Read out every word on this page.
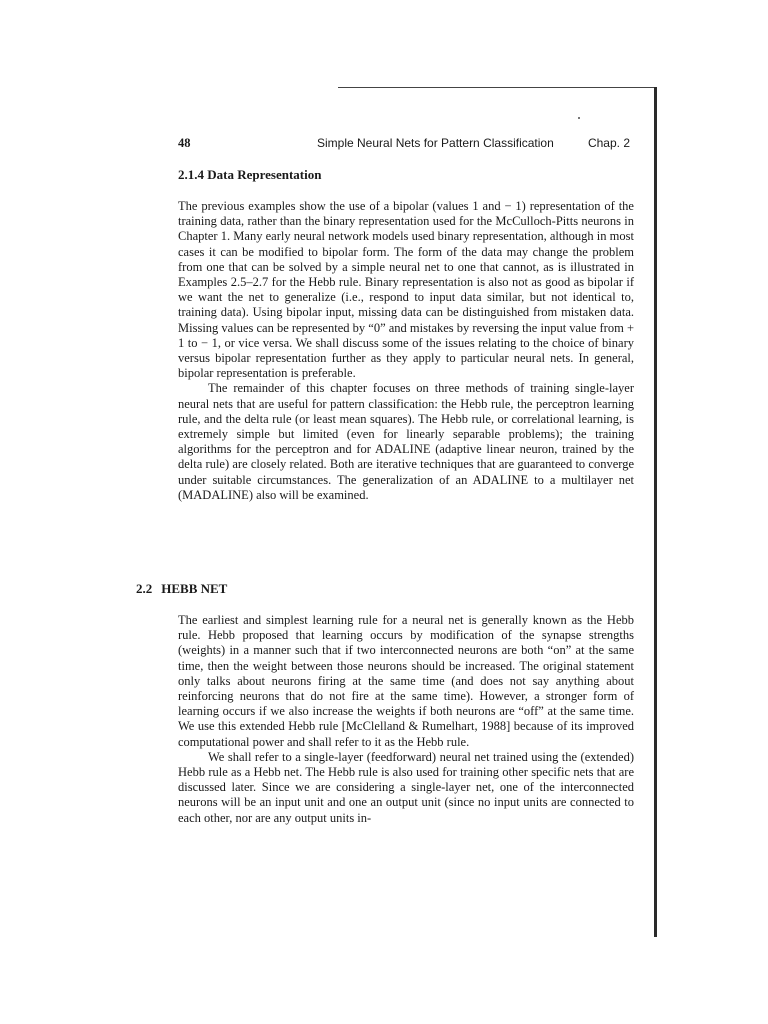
48	Simple Neural Nets for Pattern Classification	Chap. 2
2.1.4 Data Representation

The previous examples show the use of a bipolar (values 1 and − 1) representation of the training data, rather than the binary representation used for the McCulloch-Pitts neurons in Chapter 1. Many early neural network models used binary representation, although in most cases it can be modified to bipolar form. The form of the data may change the problem from one that can be solved by a simple neural net to one that cannot, as is illustrated in Examples 2.5–2.7 for the Hebb rule. Binary representation is also not as good as bipolar if we want the net to generalize (i.e., respond to input data similar, but not identical to, training data). Using bipolar input, missing data can be distinguished from mistaken data. Missing values can be represented by “0” and mistakes by reversing the input value from + 1 to − 1, or vice versa. We shall discuss some of the issues relating to the choice of binary versus bipolar representation further as they apply to particular neural nets. In general, bipolar representation is preferable.

The remainder of this chapter focuses on three methods of training single-layer neural nets that are useful for pattern classification: the Hebb rule, the perceptron learning rule, and the delta rule (or least mean squares). The Hebb rule, or correlational learning, is extremely simple but limited (even for linearly separable problems); the training algorithms for the perceptron and for ADALINE (adaptive linear neuron, trained by the delta rule) are closely related. Both are iterative techniques that are guaranteed to converge under suitable circumstances. The generalization of an ADALINE to a multilayer net (MADALINE) also will be examined.

2.2 HEBB NET

The earliest and simplest learning rule for a neural net is generally known as the Hebb rule. Hebb proposed that learning occurs by modification of the synapse strengths (weights) in a manner such that if two interconnected neurons are both “on” at the same time, then the weight between those neurons should be increased. The original statement only talks about neurons firing at the same time (and does not say anything about reinforcing neurons that do not fire at the same time). However, a stronger form of learning occurs if we also increase the weights if both neurons are “off” at the same time. We use this extended Hebb rule [McClelland & Rumelhart, 1988] because of its improved computational power and shall refer to it as the Hebb rule.

We shall refer to a single-layer (feedforward) neural net trained using the (extended) Hebb rule as a Hebb net. The Hebb rule is also used for training other specific nets that are discussed later. Since we are considering a single-layer net, one of the interconnected neurons will be an input unit and one an output unit (since no input units are connected to each other, nor are any output units in-
